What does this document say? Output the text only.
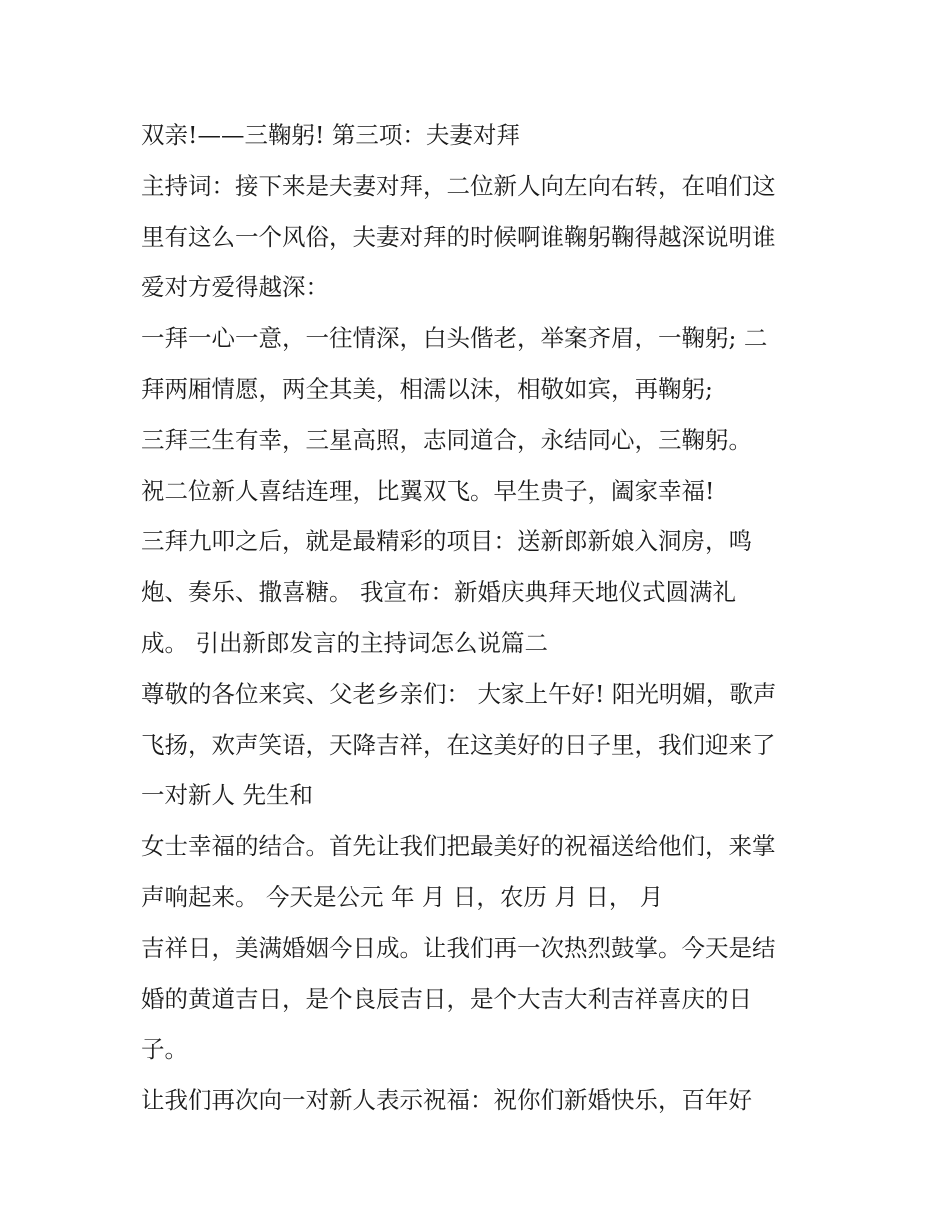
双亲!——三鞠躬! 第三项：夫妻对拜
主持词：接下来是夫妻对拜，二位新人向左向右转，在咱们这
里有这么一个风俗，夫妻对拜的时候啊谁鞠躬鞠得越深说明谁
爱对方爱得越深：
一拜一心一意，一往情深，白头偕老，举案齐眉，一鞠躬; 二
拜两厢情愿，两全其美，相濡以沫，相敬如宾，再鞠躬;
三拜三生有幸，三星高照，志同道合，永结同心，三鞠躬。
祝二位新人喜结连理，比翼双飞。早生贵子，阖家幸福!
三拜九叩之后，就是最精彩的项目：送新郎新娘入洞房，鸣
炮、奏乐、撒喜糖。 我宣布：新婚庆典拜天地仪式圆满礼
成。 引出新郎发言的主持词怎么说篇二
尊敬的各位来宾、父老乡亲们： 大家上午好! 阳光明媚，歌声
飞扬，欢声笑语，天降吉祥，在这美好的日子里，我们迎来了
一对新人 先生和
女士幸福的结合。首先让我们把最美好的祝福送给他们，来掌
声响起来。 今天是公元 年 月 日，农历 月 日， 月
吉祥日，美满婚姻今日成。让我们再一次热烈鼓掌。今天是结
婚的黄道吉日，是个良辰吉日，是个大吉大利吉祥喜庆的日
子。
让我们再次向一对新人表示祝福：祝你们新婚快乐，百年好
